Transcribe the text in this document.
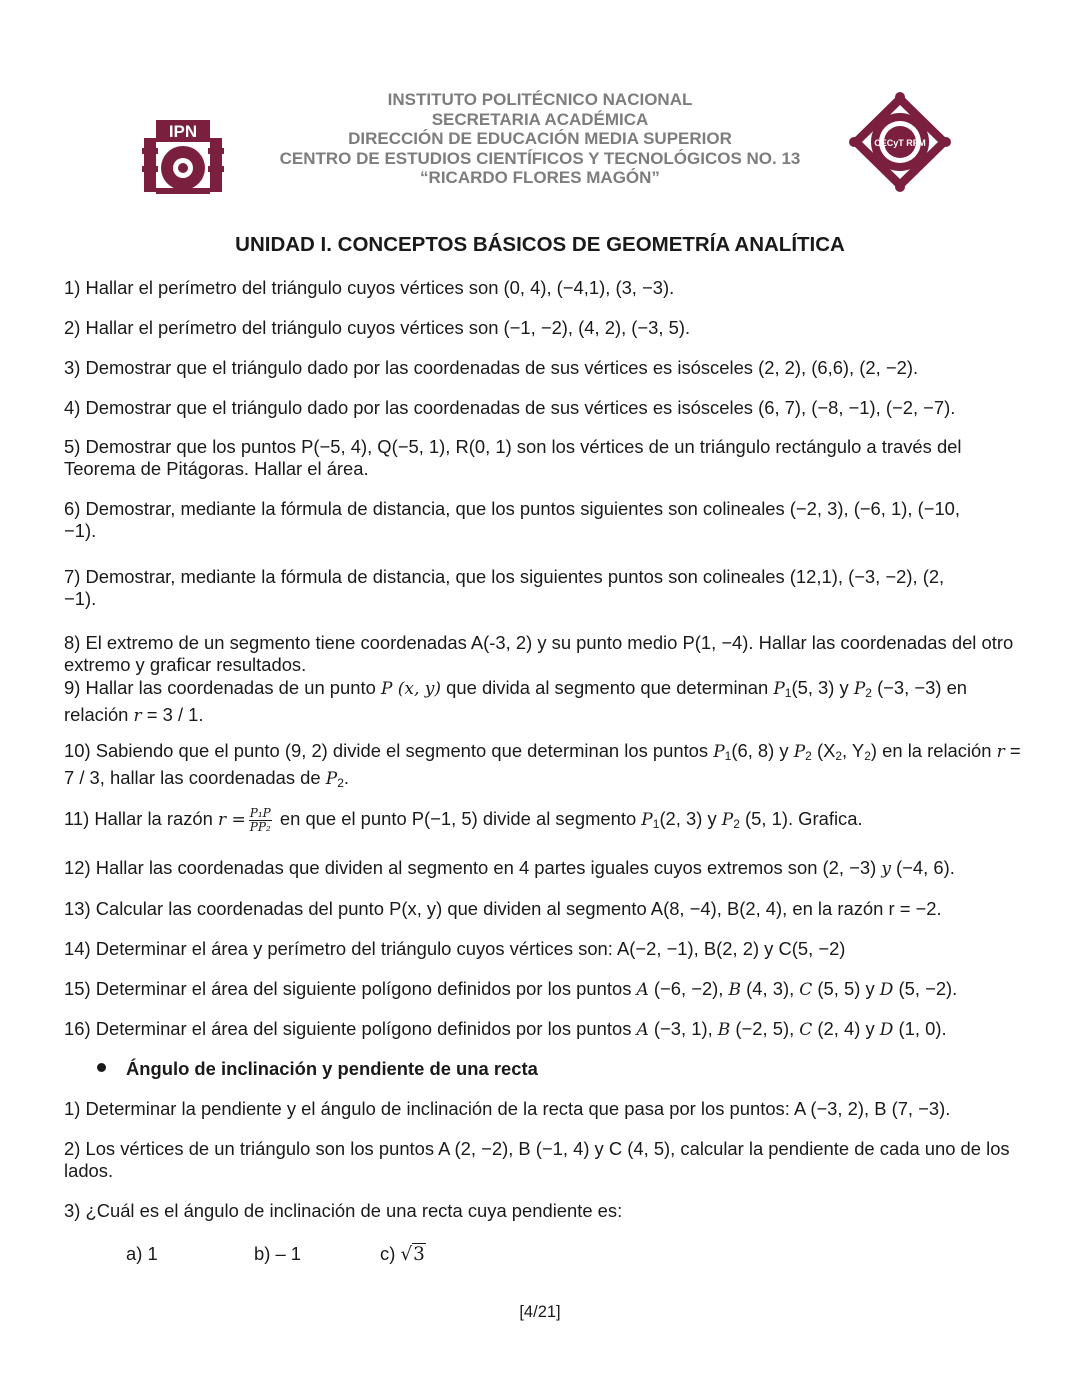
IPN
INSTITUTO POLITÉCNICO NACIONAL
SECRETARIA ACADÉMICA
DIRECCIÓN DE EDUCACIÓN MEDIA SUPERIOR
CENTRO DE ESTUDIOS CIENTÍFICOS Y TECNOLÓGICOS NO. 13
“RICARDO FLORES MAGÓN”
CECyT RFM
UNIDAD I. CONCEPTOS BÁSICOS DE GEOMETRÍA ANALÍTICA
1) Hallar el perímetro del triángulo cuyos vértices son (0, 4), (−4,1), (3, −3).
2) Hallar el perímetro del triángulo cuyos vértices son (−1, −2), (4, 2), (−3, 5).
3) Demostrar que el triángulo dado por las coordenadas de sus vértices es isósceles (2, 2), (6,6), (2, −2).
4) Demostrar que el triángulo dado por las coordenadas de sus vértices es isósceles (6, 7), (−8, −1), (−2, −7).
5) Demostrar que los puntos P(−5, 4), Q(−5, 1), R(0, 1) son los vértices de un triángulo rectángulo a través del Teorema de Pitágoras. Hallar el área.
6) Demostrar, mediante la fórmula de distancia, que los puntos siguientes son colineales (−2, 3), (−6, 1), (−10, −1).
7) Demostrar, mediante la fórmula de distancia, que los siguientes puntos son colineales (12,1), (−3, −2), (2, −1).
8) El extremo de un segmento tiene coordenadas A(-3, 2) y su punto medio P(1, −4). Hallar las coordenadas del otro extremo y graficar resultados.
9) Hallar las coordenadas de un punto P (x, y) que divida al segmento que determinan $P_1(5$, 3) y $P_2$ (−3, −3) en relación r = 3 / 1.
10) Sabiendo que el punto (9, 2) divide el segmento que determinan los puntos $P_1(6$, 8) y $P_2$ ($X_2$, $Y_2$) en la relación r = 7 / 3, hallar las coordenadas de $P_2$.
11) Hallar la razón $r = \frac{\text{P₁P}}{\text{PP₂}}$ en que el punto P(−1, 5) divide al segmento $P_1(2$, 3) y $P_2$ (5, 1). Grafica.
12) Hallar las coordenadas que dividen al segmento en 4 partes iguales cuyos extremos son (2, −3) y (−4, 6).
13) Calcular las coordenadas del punto P(x, y) que dividen al segmento A(8, −4), B(2, 4), en la razón r = −2.
14) Determinar el área y perímetro del triángulo cuyos vértices son: A(−2, −1), B(2, 2) y C(5, −2)
15) Determinar el área del siguiente polígono definidos por los puntos A (−6, −2), B (4, 3), C (5, 5) y D (5, −2).
16) Determinar el área del siguiente polígono definidos por los puntos A (−3, 1), B (−2, 5), C (2, 4) y D (1, 0).
Ángulo de inclinación y pendiente de una recta
1) Determinar la pendiente y el ángulo de inclinación de la recta que pasa por los puntos: A (−3, 2), B (7, −3).
2) Los vértices de un triángulo son los puntos A (2, −2), B (−1, 4) y C (4, 5), calcular la pendiente de cada uno de los lados.
3) ¿Cuál es el ángulo de inclinación de una recta cuya pendiente es:
a) 1	b) – 1	c) √3
[4/21]
